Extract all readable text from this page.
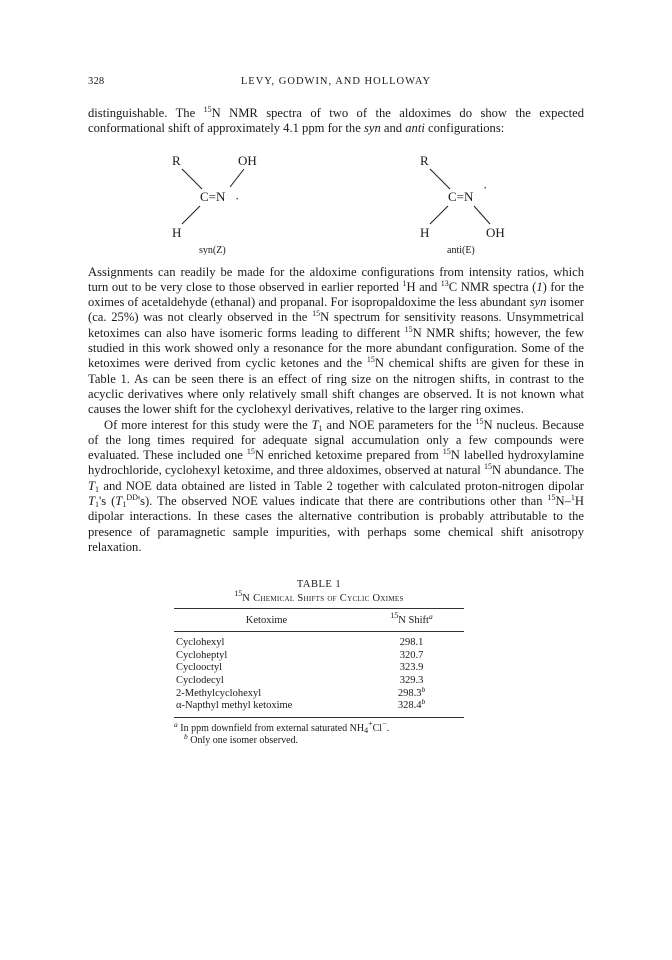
328	LEVY, GODWIN, AND HOLLOWAY

distinguishable. The $^{15}$N NMR spectra of two of the aldoximes do show the expected conformational shift of approximately 4.1 ppm for the syn and anti configurations:

R	OH
C=N ·
H
syn(Z)
R
C=N
·
H	OH
anti(E)

Assignments can readily be made for the aldoxime configurations from intensity ratios, which turn out to be very close to those observed in earlier reported $^1$H and $^{13}$C NMR spectra (1) for the oximes of acetaldehyde (ethanal) and propanal. For isopropaldoxime the less abundant syn isomer (ca. 25%) was not clearly observed in the $^{15}$N spectrum for sensitivity reasons. Unsymmetrical ketoximes can also have isomeric forms leading to different $^{15}$N NMR shifts; however, the few studied in this work showed only a resonance for the more abundant configuration. Some of the ketoximes were derived from cyclic ketones and the $^{15}$N chemical shifts are given for these in Table 1. As can be seen there is an effect of ring size on the nitrogen shifts, in contrast to the acyclic derivatives where only relatively small shift changes are observed. It is not known what causes the lower shift for the cyclohexyl derivatives, relative to the larger ring oximes.

Of more interest for this study were the $T_1$ and NOE parameters for the $^{15}$N nucleus. Because of the long times required for adequate signal accumulation only a few compounds were evaluated. These included one $^{15}$N enriched ketoxime prepared from $^{15}$N labelled hydroxylamine hydrochloride, cyclohexyl ketoxime, and three aldoximes, observed at natural $^{15}$N abundance. The $T_1$ and NOE data obtained are listed in Table 2 together with calculated proton-nitrogen dipolar $T_1's$ $(T_1^{DD}'s)$. The observed NOE values indicate that there are contributions other than $^{15}$N–$^1$H dipolar interactions. In these cases the alternative contribution is probably attributable to the presence of paramagnetic sample impurities, with perhaps some chemical shift anisotropy relaxation.

TABLE 1
$^{15}$N Chemical Shifts of Cyclic Oximes
Ketoxime	$^{15}$N Shift$^a$
Cyclohexyl	298.1
Cycloheptyl	320.7
Cyclooctyl	323.9
Cyclodecyl	329.3
2-Methylcyclohexyl	298.3$^b$
α-Napthyl methyl ketoxime	328.4$^b$
$^a$ In ppm downfield from external saturated $NH_4^+Cl^-$.
$^b$ Only one isomer observed.
